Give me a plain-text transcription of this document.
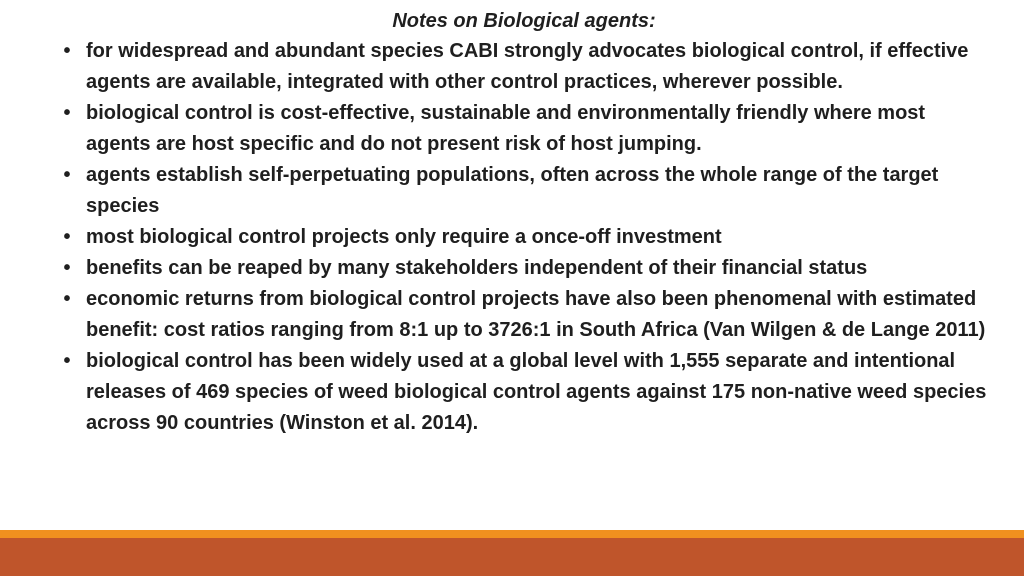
Notes on Biological agents:
• for widespread and abundant species CABI strongly advocates biological control, if effective agents are available, integrated with other control practices, wherever possible.
• biological control is cost-effective, sustainable and environmentally friendly where most agents are host specific and do not present risk of host jumping.
• agents establish self-perpetuating populations, often across the whole range of the target species
• most biological control projects only require a once-off investment
• benefits can be reaped by many stakeholders independent of their financial status
• economic returns from biological control projects have also been phenomenal with estimated benefit: cost ratios ranging from 8:1 up to 3726:1 in South Africa (Van Wilgen & de Lange 2011)
• biological control has been widely used at a global level with 1,555 separate and intentional releases of 469 species of weed biological control agents against 175 non-native weed species across 90 countries (Winston et al. 2014).
